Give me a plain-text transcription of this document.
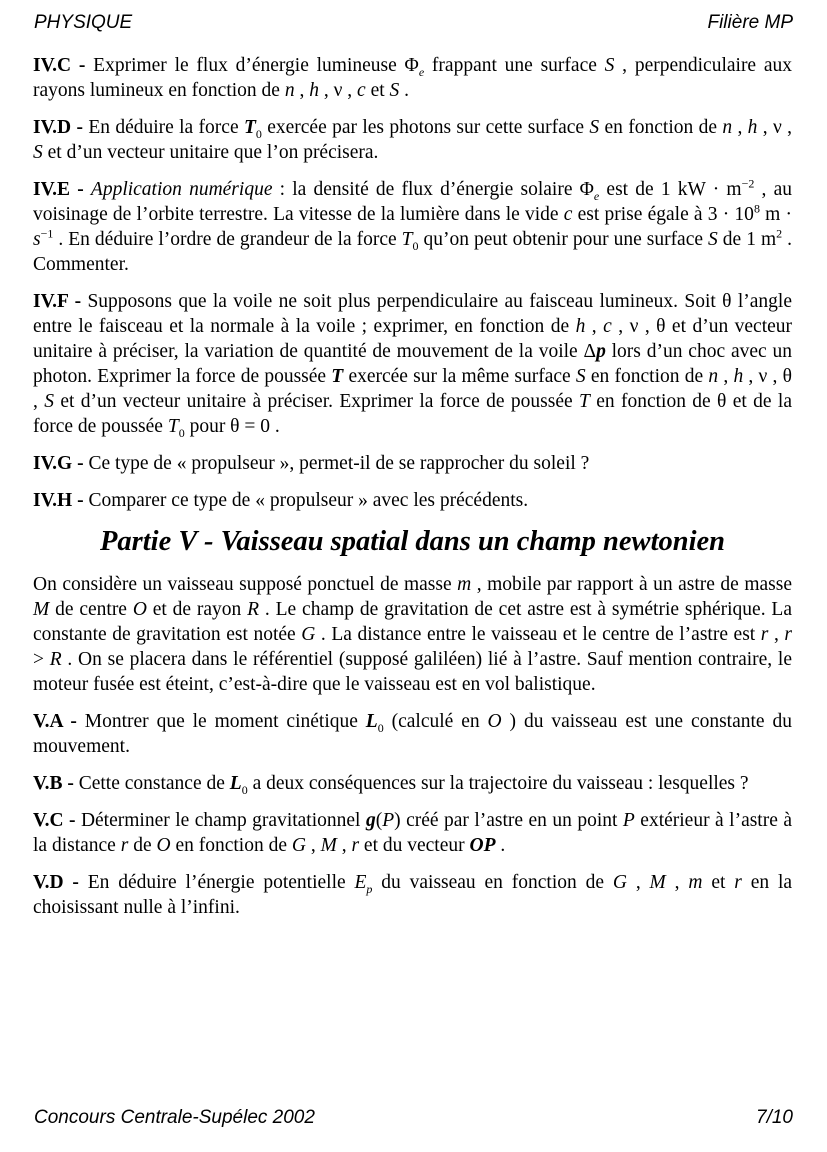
PHYSIQUE	Filière MP

IV.C - Exprimer le flux d’énergie lumineuse $\Phi_e$ frappant une surface S , perpendiculaire aux rayons lumineux en fonction de n , h , ν , c et S .

IV.D - En déduire la force $T_0$ exercée par les photons sur cette surface S en fonction de n , h , ν , S et d’un vecteur unitaire que l’on précisera.

IV.E - Application numérique : la densité de flux d’énergie solaire $\Phi_e$ est de 1 kW · $m^{-2}$ , au voisinage de l’orbite terrestre. La vitesse de la lumière dans le vide c est prise égale à $3 \cdot 10^8$ $m \cdot s^{-1}$ . En déduire l’ordre de grandeur de la force $T_0$ qu’on peut obtenir pour une surface S de 1 $m^2$ . Commenter.

IV.F - Supposons que la voile ne soit plus perpendiculaire au faisceau lumineux. Soit θ l’angle entre le faisceau et la normale à la voile ; exprimer, en fonction de h , c , ν , θ et d’un vecteur unitaire à préciser, la variation de quantité de mouvement de la voile Δp lors d’un choc avec un photon. Exprimer la force de poussée T exercée sur la même surface S en fonction de n , h , ν , θ , S et d’un vecteur unitaire à préciser. Exprimer la force de poussée T en fonction de θ et de la force de poussée $T_0$ pour θ = 0 .

IV.G - Ce type de « propulseur », permet-il de se rapprocher du soleil ?

IV.H - Comparer ce type de « propulseur » avec les précédents.

Partie V - Vaisseau spatial dans un champ newtonien

On considère un vaisseau supposé ponctuel de masse m , mobile par rapport à un astre de masse M de centre O et de rayon R . Le champ de gravitation de cet astre est à symétrie sphérique. La constante de gravitation est notée G . La distance entre le vaisseau et le centre de l’astre est r , r > R . On se placera dans le référentiel (supposé galiléen) lié à l’astre. Sauf mention contraire, le moteur fusée est éteint, c’est-à-dire que le vaisseau est en vol balistique.

V.A - Montrer que le moment cinétique $L_0$ (calculé en O ) du vaisseau est une constante du mouvement.

V.B - Cette constance de $L_0$ a deux conséquences sur la trajectoire du vaisseau : lesquelles ?

V.C - Déterminer le champ gravitationnel g(P) créé par l’astre en un point P extérieur à l’astre à la distance r de O en fonction de G , M , r et du vecteur OP .

V.D - En déduire l’énergie potentielle $E_p$ du vaisseau en fonction de G , M , m et r en la choisissant nulle à l’infini.

Concours Centrale-Supélec 2002	7/10
